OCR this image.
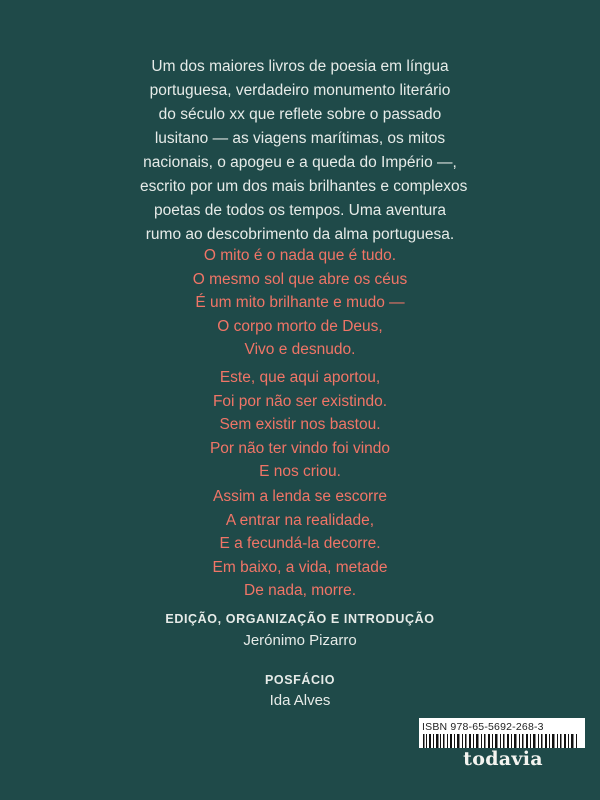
Um dos maiores livros de poesia em língua
portuguesa, verdadeiro monumento literário
do século xx que reflete sobre o passado
lusitano — as viagens marítimas, os mitos
nacionais, o apogeu e a queda do Império —,
escrito por um dos mais brilhantes e complexos
poetas de todos os tempos. Uma aventura
rumo ao descobrimento da alma portuguesa.
O mito é o nada que é tudo.
O mesmo sol que abre os céus
É um mito brilhante e mudo —
O corpo morto de Deus,
Vivo e desnudo.
Este, que aqui aportou,
Foi por não ser existindo.
Sem existir nos bastou.
Por não ter vindo foi vindo
E nos criou.
Assim a lenda se escorre
A entrar na realidade,
E a fecundá-la decorre.
Em baixo, a vida, metade
De nada, morre.
EDIÇÃO, ORGANIZAÇÃO E INTRODUÇÃO
Jerónimo Pizarro
POSFÁCIO
Ida Alves
ISBN 978-65-5692-268-3
todavia
